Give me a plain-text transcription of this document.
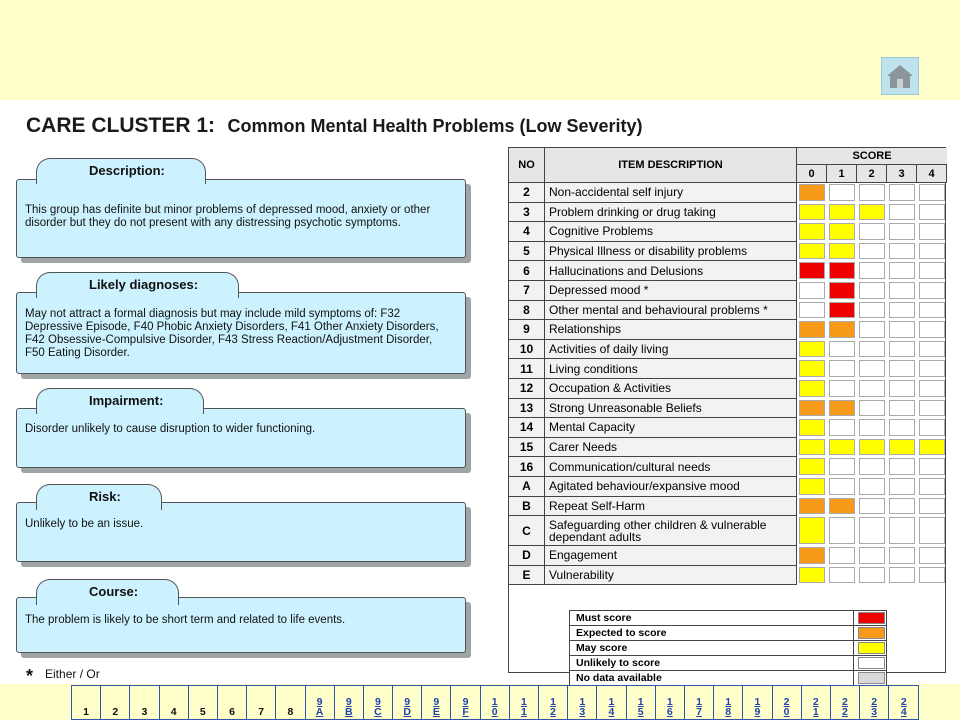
CARE CLUSTER 1: Common Mental Health Problems (Low Severity)
Description:
This group has definite but minor problems of depressed mood, anxiety or other disorder but they do not present with any distressing psychotic symptoms.
Likely diagnoses:
May not attract a formal diagnosis but may include mild symptoms of: F32 Depressive Episode, F40 Phobic Anxiety Disorders, F41 Other Anxiety Disorders, F42 Obsessive-Compulsive Disorder, F43 Stress Reaction/Adjustment Disorder, F50 Eating Disorder.
Impairment:
Disorder unlikely to cause disruption to wider functioning.
Risk:
Unlikely to be an issue.
Course:
The problem is likely to be short term and related to life events.
* Either / Or
NO	ITEM DESCRIPTION
SCORE
0	1	2	3	4
2	Non-accidental self injury
3	Problem drinking or drug taking
4	Cognitive Problems
5	Physical Illness or disability problems
6	Hallucinations and Delusions
7	Depressed mood *
8	Other mental and behavioural problems *
9	Relationships
10	Activities of daily living
11	Living conditions
12	Occupation & Activities
13	Strong Unreasonable Beliefs
14	Mental Capacity
15	Carer Needs
16	Communication/cultural needs
A	Agitated behaviour/expansive mood
B	Repeat Self-Harm
C	Safeguarding other children & vulnerable dependant adults
D	Engagement
E	Vulnerability
Must score
Expected to score
May score
Unlikely to score
No data available
1 2 3 4 5 6 7 8
9A
9B
9C
9D
9E
9F
10
11
12
13
14
15
16
17
18
19
20
21
22
23
24
